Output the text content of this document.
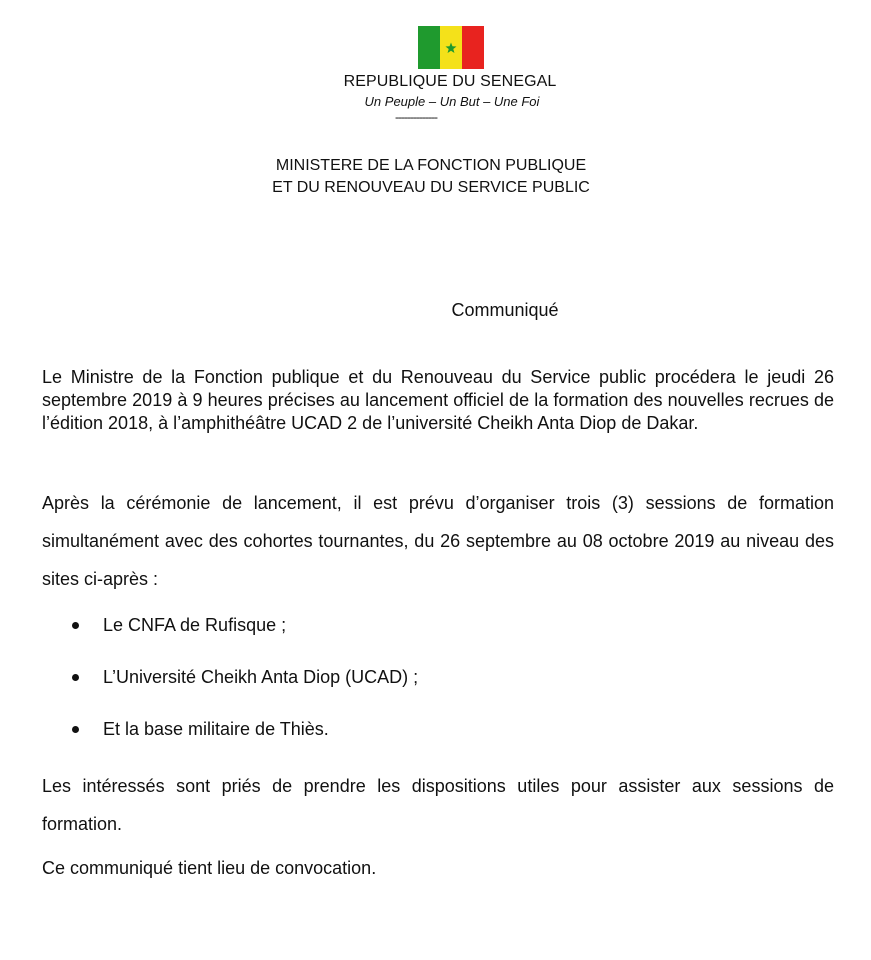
REPUBLIQUE DU SENEGAL
Un Peuple – Un But – Une Foi
--------------
MINISTERE DE LA FONCTION PUBLIQUE
ET DU RENOUVEAU DU SERVICE PUBLIC
Communiqué
Le Ministre de la Fonction publique et du Renouveau du Service public procédera le jeudi 26 septembre 2019 à 9 heures précises au lancement officiel de la formation des nouvelles recrues de l’édition 2018, à l’amphithéâtre UCAD 2 de l’université Cheikh Anta Diop de Dakar.
Après la cérémonie de lancement, il est prévu d’organiser trois (3) sessions de formation simultanément avec des cohortes tournantes, du 26 septembre au 08 octobre 2019 au niveau des sites ci-après :
Le CNFA de Rufisque ;
L’Université Cheikh Anta Diop (UCAD) ;
Et la base militaire de Thiès.
Les intéressés sont priés de prendre les dispositions utiles pour assister aux sessions de formation.
Ce communiqué tient lieu de convocation.
